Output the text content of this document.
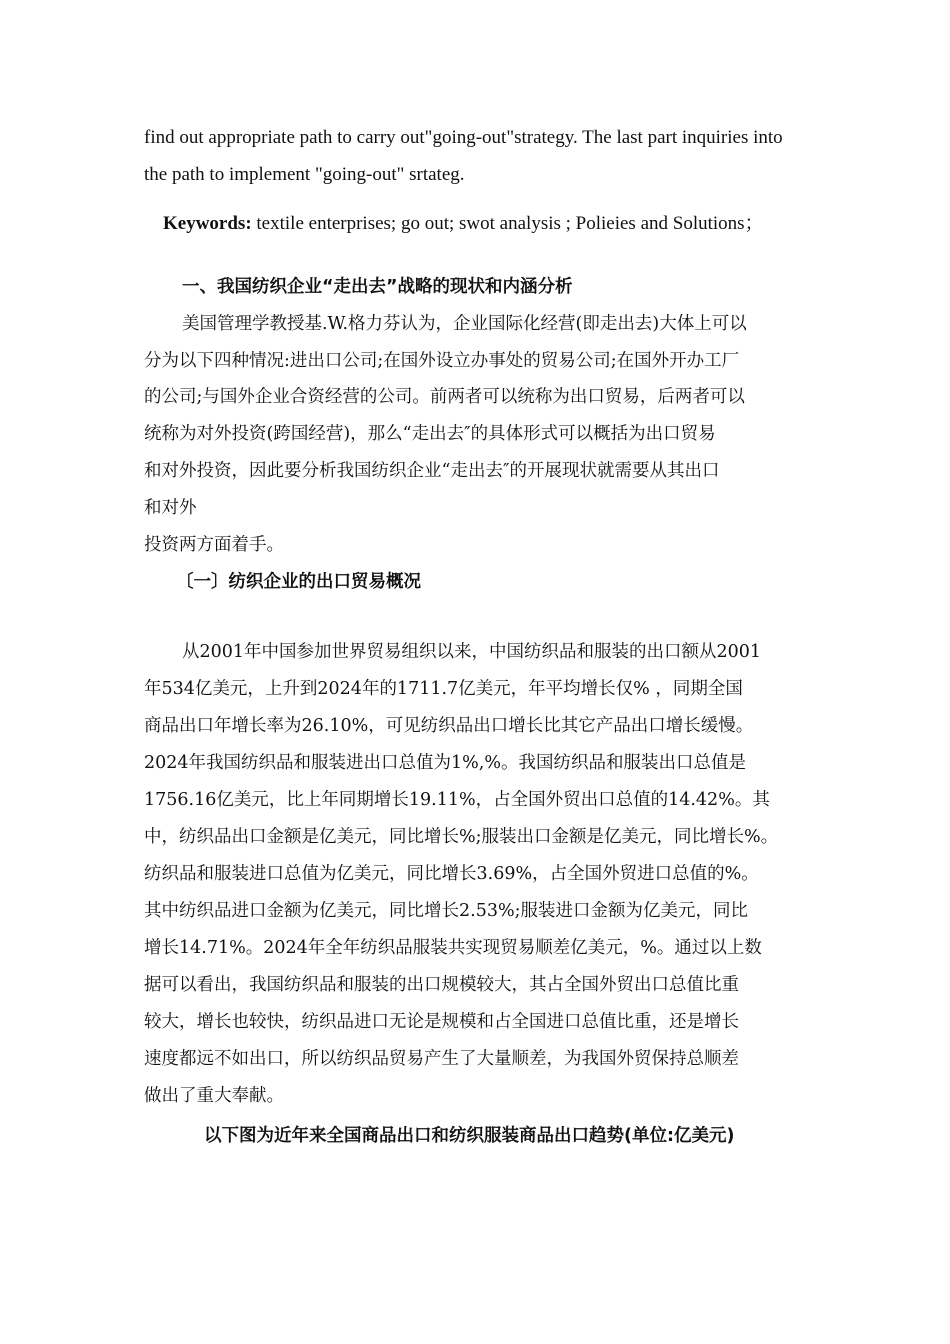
find out appropriate path to carry out"going-out"strategy. The last part inquiries into
the path to implement "going-out" srtateg.
Keywords: textile enterprises; go out; swot analysis ; Polieies and Solutions；
一、我国纺织企业“走出去”战略的现状和内涵分析
美国管理学教授基.W.格力芬认为，企业国际化经营(即走出去)大体上可以
分为以下四种情况:进出口公司;在国外设立办事处的贸易公司;在国外开办工厂
的公司;与国外企业合资经营的公司。前两者可以统称为出口贸易，后两者可以
统称为对外投资(跨国经营)，那么“走出去″的具体形式可以概括为出口贸易
和对外投资，因此要分析我国纺织企业“走出去″的开展现状就需要从其出口
和对外
投资两方面着手。
〔一〕纺织企业的出口贸易概况
从2001年中国参加世界贸易组织以来，中国纺织品和服装的出口额从2001
年534亿美元，上升到2024年的1711.7亿美元，年平均增长仅% ，同期全国
商品出口年增长率为26.10%，可见纺织品出口增长比其它产品出口增长缓慢。
2024年我国纺织品和服装进出口总值为1%,%。我国纺织品和服装出口总值是
1756.16亿美元，比上年同期增长19.11%，占全国外贸出口总值的14.42%。其
中，纺织品出口金额是亿美元，同比增长%;服装出口金额是亿美元，同比增长%。
纺织品和服装进口总值为亿美元，同比增长3.69%，占全国外贸进口总值的%。
其中纺织品进口金额为亿美元，同比增长2.53%;服装进口金额为亿美元，同比
增长14.71%。2024年全年纺织品服装共实现贸易顺差亿美元，%。通过以上数
据可以看出，我国纺织品和服装的出口规模较大，其占全国外贸出口总值比重
较大，增长也较快，纺织品进口无论是规模和占全国进口总值比重，还是增长
速度都远不如出口，所以纺织品贸易产生了大量顺差，为我国外贸保持总顺差
做出了重大奉献。
以下图为近年来全国商品出口和纺织服装商品出口趋势(单位:亿美元)
